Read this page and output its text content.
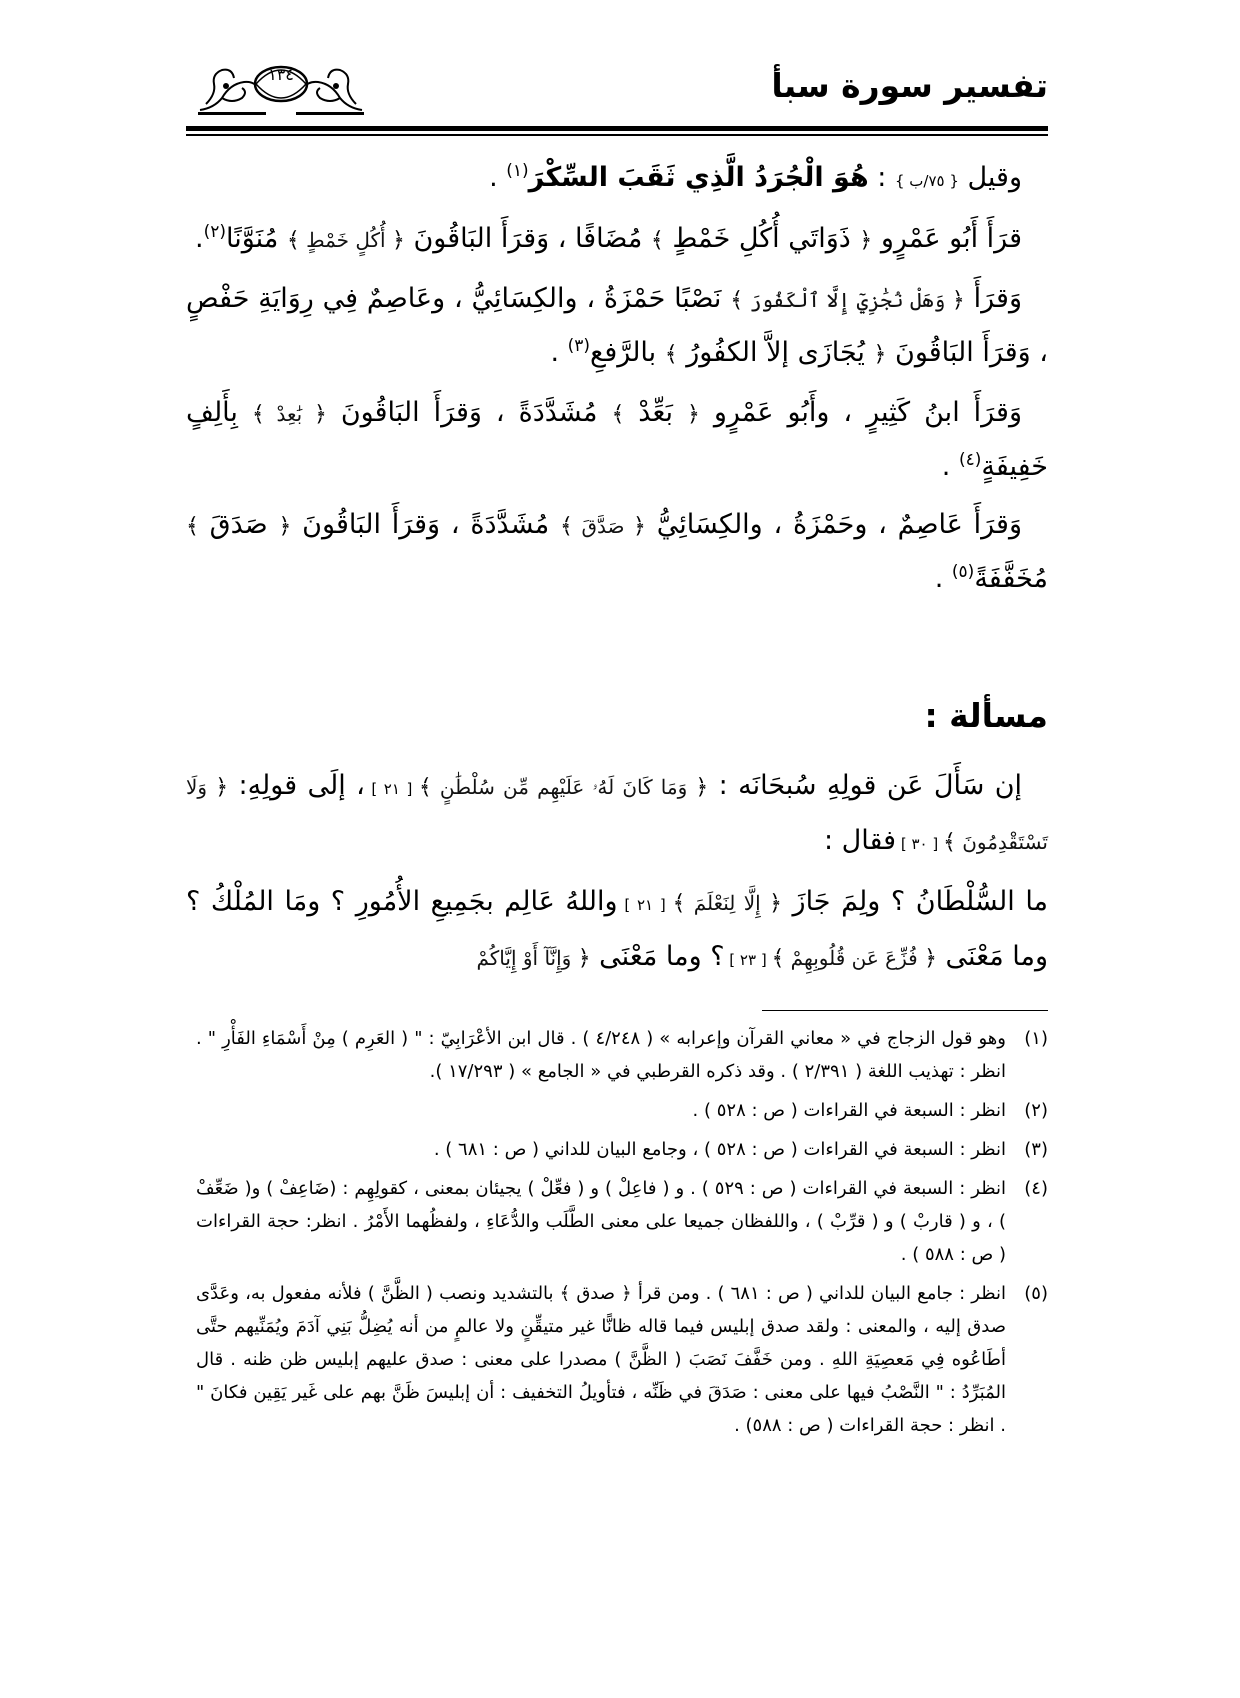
تفسير سورة سبأ
١٣٤

وقيل { ٧٥/ب } : هُوَ الْجُرَدُ الَّذِي ثَقَبَ السِّكْرَ$^{(١)}$ .

قرَأَ أَبُو عَمْرٍو ﴿ ذَوَاتَي أُكُلِ خَمْطٍ ﴾ مُضَافًا ، وَقرَأَ البَاقُونَ ﴿ أُكُلٍ خَمْطٍ ﴾ مُنَوَّنًا$^{(٢)}$.

وَقرَأَ ﴿ وَهَلْ نُجَٰزِيٓ إِلَّا ٱلْكَفُورَ ﴾ نَصْبًا حَمْزَةُ ، والكِسَائِيُّ ، وعَاصِمٌ فِي رِوَايَةِ حَفْصٍ ، وَقرَأَ البَاقُونَ ﴿ يُجَازَى إلاَّ الكفُورُ ﴾ بالرَّفعِ$^{(٣)}$ .

وَقرَأَ ابنُ كَثِيرٍ ، وأَبُو عَمْرٍو ﴿ بَعِّدْ ﴾ مُشَدَّدَةً ، وَقرَأَ البَاقُونَ ﴿ بَٰعِدْ ﴾ بِأَلِفٍ خَفِيفَةٍ$^{(٤)}$ .

وَقرَأَ عَاصِمٌ ، وحَمْزَةُ ، والكِسَائِيُّ ﴿ صَدَّقَ ﴾ مُشَدَّدَةً ، وَقرَأَ البَاقُونَ ﴿ صَدَقَ ﴾ مُخَفَّفَةً$^{(٥)}$ .

مسألة :

إن سَأَلَ عَن قولِهِ سُبحَانَه : ﴿ وَمَا كَانَ لَهُۥ عَلَيْهِم مِّن سُلْطَٰنٍ ﴾ [ ٢١ ] ، إلَى قولِهِ: ﴿ وَلَا تَسْتَقْدِمُونَ ﴾ [ ٣٠ ] فقال :

ما السُّلْطَانُ ؟ ولِمَ جَازَ ﴿ إِلَّا لِنَعْلَمَ ﴾ [ ٢١ ] واللهُ عَالِم بجَمِيعِ الأُمُورِ ؟ ومَا المُلْكُ ؟ وما مَعْنَى ﴿ فُزِّعَ عَن قُلُوبِهِمْ ﴾ [ ٢٣ ] ؟ وما مَعْنَى ﴿ وَإِنَّآ أَوْ إِيَّاكُمْ

(١)
وهو قول الزجاج في « معاني القرآن وإعرابه » ( ٤/٢٤٨ ) . قال ابن الأعْرَابِيّ : " ( العَرِم ) مِنْ أَسْمَاءِ الفَأْرِ " . انظر : تهذيب اللغة ( ٢/٣٩١ ) . وقد ذكره القرطبي في « الجامع » ( ١٧/٢٩٣ ).

(٢)
انظر : السبعة في القراءات ( ص : ٥٢٨ ) .

(٣)
انظر : السبعة في القراءات ( ص : ٥٢٨ ) ، وجامع البيان للداني ( ص : ٦٨١ ) .

(٤)
انظر : السبعة في القراءات ( ص : ٥٢٩ ) . و ( فاعِلْ ) و ( فعِّلْ ) يجيئان بمعنى ، كقولِهِم : (ضَاعِفْ ) و( ضَعِّفْ ) ، و ( قاربْ ) و ( قرِّبْ ) ، واللفظان جميعا على معنى الطَّلَب والدُّعَاءِ ، ولفظُهما الأَمْرُ . انظر: حجة القراءات ( ص : ٥٨٨ ) .

(٥)
انظر : جامع البيان للداني ( ص : ٦٨١ ) . ومن قرأ ﴿ صدق ﴾ بالتشديد ونصب ( الظَّنَّ ) فلأنه مفعول به، وعَدَّى صدق إليه ، والمعنى : ولقد صدق إبليس فيما قاله ظانًّا غير متيقِّنٍ ولا عالمٍ من أنه يُضِلُّ بَنِي آدَمَ ويُمَنِّيهم حتَّى أطَاعُوه فِي مَعصِيَةِ اللهِ . ومن خَفَّفَ نَصَبَ ( الظَّنَّ ) مصدرا على معنى : صدق عليهم إبليس ظن ظنه . قال المُبَرِّدُ : " النَّصْبُ فيها على معنى : صَدَقَ في ظَنِّه ، فتأويلُ التخفيف : أن إبليسَ ظَنَّ بهم على غَير يَقِين فكانَ " . انظر : حجة القراءات ( ص : ٥٨٨) .
